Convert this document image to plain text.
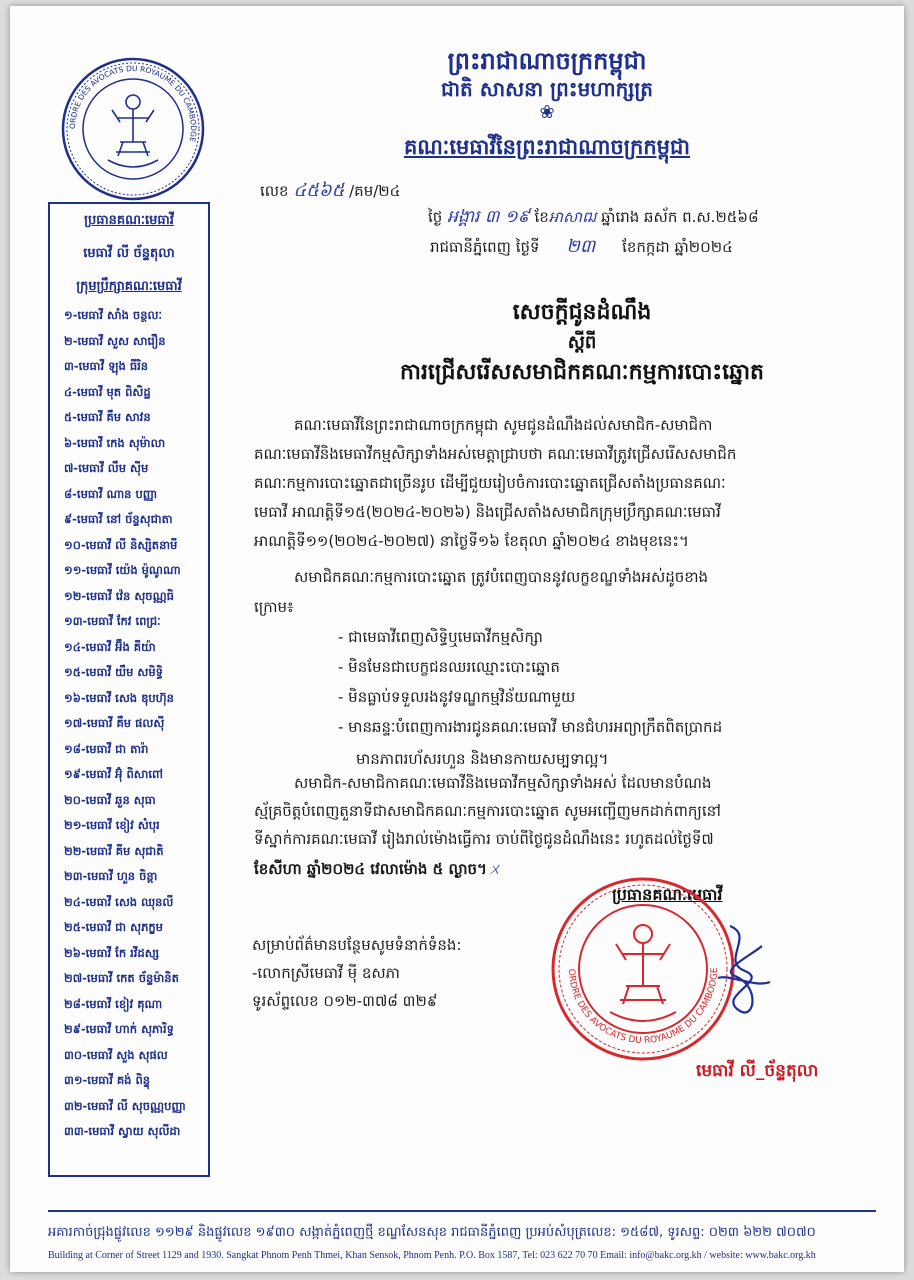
ព្រះរាជាណាចក្រកម្ពុជា
ជាតិ សាសនា ព្រះមហាក្សត្រ
❀
គណៈមេធាវីនៃព្រះរាជាណាចក្រកម្ពុជា
ORDRE DES AVOCATS DU ROYAUME DU CAMBODGE
ប្រធានគណៈមេធាវី
មេធាវី លី ច័ន្ទតុលា
ក្រុមប្រឹក្សាគណៈមេធាវី
១-មេធាវី សាំង ចន្ថលៈ
២-មេធាវី សួស សារឿន
៣-មេធាវី ឡុង ធីរិន
៤-មេធាវី មុត ពិសិដ្ឋ
៥-មេធាវី គឹម សាវន
៦-មេធាវី កេង សុម៉ាលា
៧-មេធាវី លឹម ស៊ីម
៨-មេធាវី ណាន បញ្ញា
៩-មេធាវី នៅ ច័ន្ទសុជាតា
១០-មេធាវី លី និស្សិតនាមី
១១-មេធាវី យ៉េង ម៉ូណូណា
១២-មេធាវី វ៉េន សុចណ្ណធិ
១៣-មេធាវី កែវ ពេជ្រៈ
១៤-មេធាវី អ៊ឹង គីយ៉ា
១៥-មេធាវី យឹម សមិទ្ធិ
១៦-មេធាវី សេង ឌុបហ៊ុន
១៧-មេធាវី គឹម ផលស៊ី
១៨-មេធាវី ជា តារ៉ា
១៩-មេធាវី អ៊ុំ ពិសាពៅ
២០-មេធាវី ឆួន សុធា
២១-មេធាវី ខៀវ សំបុរ
២២-មេធាវី គីម សុជាតិ
២៣-មេធាវី ហួន ចិន្តា
២៤-មេធាវី សេង ឈុនលី
២៥-មេធាវី ជា សុភក្ខម
២៦-មេធាវី កែ រវីដស្ស
២៧-មេធាវី កេត ច័ន្ទម៉ានិត
២៨-មេធាវី ខៀវ គុណា
២៩-មេធាវី ហាក់ សុភារិទ្ធ
៣០-មេធាវី សួង សុផល
៣១-មេធាវី គង់ ពិន្ទុ
៣២-មេធាវី លី សុចណ្ណបញ្ញា
៣៣-មេធាវី ស្វាយ សុលីដា
លេខ ៤៥៦៥ /គម/២៤
ថ្ងៃ អង្គារ ៣ ១៩ ខែអាសាឍ ឆ្នាំរោង ឆស័ក ព.ស.២៥៦៨
រាជធានីភ្នំពេញ ថ្ងៃទី ២៣ ខែកក្កដា ឆ្នាំ២០២៤
សេចក្ដីជូនដំណឹង
ស្ដីពី
ការជ្រើសរើសសមាជិកគណៈកម្មការបោះឆ្នោត
គណៈមេធាវីនៃព្រះរាជាណាចក្រកម្ពុជា សូមជូនដំណឹងដល់សមាជិក-សមាជិកា
គណៈមេធាវីនិងមេធាវីកម្មសិក្សាទាំងអស់មេត្តាជ្រាបថា គណៈមេធាវីត្រូវជ្រើសរើសសមាជិក
គណៈកម្មការបោះឆ្នោតជាច្រើនរូប ដើម្បីជួយរៀបចំការបោះឆ្នោតជ្រើសតាំងប្រធានគណៈ
មេធាវី អាណត្តិទី១៥(២០២៤-២០២៦) និងជ្រើសតាំងសមាជិកក្រុមប្រឹក្សាគណៈមេធាវី
អាណត្តិទី១១(២០២៤-២០២៧) នាថ្ងៃទី១៦ ខែតុលា ឆ្នាំ២០២៤ ខាងមុខនេះ។
សមាជិកគណៈកម្មការបោះឆ្នោត ត្រូវបំពេញបាននូវលក្ខខណ្ឌទាំងអស់ដូចខាង
ក្រោម៖
- ជាមេធាវីពេញសិទ្ធិឬមេធាវីកម្មសិក្សា
- មិនមែនជាបេក្ខជនឈរឈ្មោះបោះឆ្នោត
- មិនធ្លាប់ទទួលរងនូវទណ្ឌកម្មវិន័យណាមួយ
- មានឆន្ទៈបំពេញការងារជូនគណៈមេធាវី មានជំហរអព្យាក្រឹតពិតប្រាកដ
មានភាពរហ័សរហួន និងមានកាយសម្បទាល្អ។
សមាជិក-សមាជិកាគណៈមេធាវីនិងមេធាវីកម្មសិក្សាទាំងអស់ ដែលមានបំណង
ស្ម័គ្រចិត្តបំពេញតួនាទីជាសមាជិកគណៈកម្មការបោះឆ្នោត សូមអញ្ជើញមកដាក់ពាក្យនៅ
ទីស្នាក់ការគណៈមេធាវី រៀងរាល់ម៉ោងធ្វើការ ចាប់ពីថ្ងៃជូនដំណឹងនេះ រហូតដល់ថ្ងៃទី៧
ខែសីហា ឆ្នាំ២០២៤ វេលាម៉ោង ៥ ល្ងាច។ㄨ
សម្រាប់ព័ត៌មានបន្ថែមសូមទំនាក់ទំនង:
-លោកស្រីមេធាវី ម៉ី ឧសភា
ទូរស័ព្ទលេខ ០១២-៣៧៨ ៣២៩
ប្រធានគណៈមេធាវី
ORDRE DES AVOCATS DU ROYAUME DU CAMBODGE
មេធាវី លី_ច័ន្ទតុលា
អគារកាច់ជ្រុងផ្លូវលេខ ១១២៩ និងផ្លូវលេខ ១៩៣០ សង្កាត់ភ្នំពេញថ្មី ខណ្ឌសែនសុខ រាជធានីភ្នំពេញ ប្រអប់សំបុត្រលេខ: ១៥៨៧, ទូរសព្ទ: ០២៣ ៦២២ ៧០៧០
Building at Corner of Street 1129 and 1930. Sangkat Phnom Penh Thmei, Khan Sensok, Phnom Penh. P.O. Box 1587, Tel: 023 622 70 70 Email: info@bakc.org.kh / website: www.bakc.org.kh
